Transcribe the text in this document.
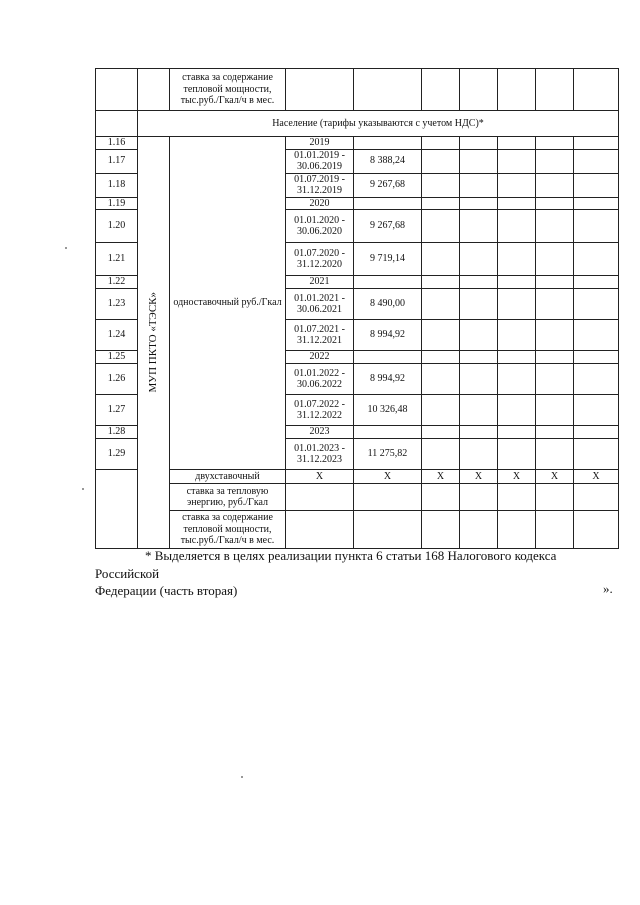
		ставка за содержание тепловой мощности, тыс.руб./Гкал/ч в мес.							
	Население (тарифы указываются с учетом НДС)*								
1.16	МУП ПКТО «ТЭСК»	одноставочный руб./Гкал	2019						
1.17			01.01.2019 - 30.06.2019	8 388,24					
1.18			01.07.2019 - 31.12.2019	9 267,68					
1.19			2020						
1.20			01.01.2020 - 30.06.2020	9 267,68					
1.21			01.07.2020 - 31.12.2020	9 719,14					
1.22			2021						
1.23			01.01.2021 - 30.06.2021	8 490,00					
1.24			01.07.2021 - 31.12.2021	8 994,92					
1.25			2022						
1.26			01.01.2022 - 30.06.2022	8 994,92					
1.27			01.07.2022 - 31.12.2022	10 326,48					
1.28			2023						
1.29			01.01.2023 - 31.12.2023	11 275,82					
		двухставочный	Х	Х	Х	Х	Х	Х	Х
		ставка за тепловую энергию, руб./Гкал							
		ставка за содержание тепловой мощности, тыс.руб./Гкал/ч в мес.							
* Выделяется в целях реализации пункта 6 статьи 168 Налогового кодекса Российской
Федерации (часть вторая)	».
